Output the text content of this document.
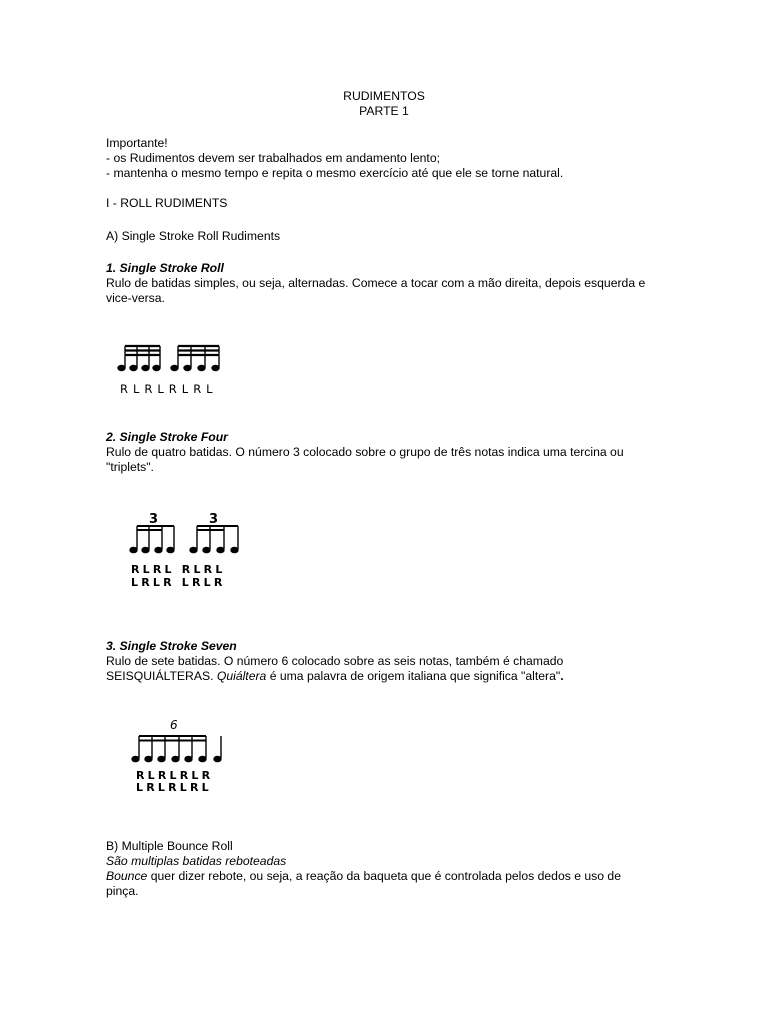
RUDIMENTOS
PARTE 1
Importante!
- os Rudimentos devem ser trabalhados em andamento lento;
- mantenha o mesmo tempo e repita o mesmo exercício até que ele se torne natural.
I - ROLL RUDIMENTS
A) Single Stroke Roll Rudiments
1. Single Stroke Roll
Rulo de batidas simples, ou seja, alternadas. Comece a tocar com a mão direita, depois esquerda e vice-versa.
RLRLRLRL
2. Single Stroke Four
Rulo de quatro batidas. O número 3 colocado sobre o grupo de três notas indica uma tercina ou "triplets".
3	3
RLRL RLRL
LRLR LRLR
3. Single Stroke Seven
Rulo de sete batidas. O número 6 colocado sobre as seis notas, também é chamado SEISQUIÁLTERAS. Quiáltera é uma palavra de origem italiana que significa "altera".
6
RLRLRLR
LRLRLRL
B) Multiple Bounce Roll
São multiplas batidas reboteadas
Bounce quer dizer rebote, ou seja, a reação da baqueta que é controlada pelos dedos e uso de pinça.
